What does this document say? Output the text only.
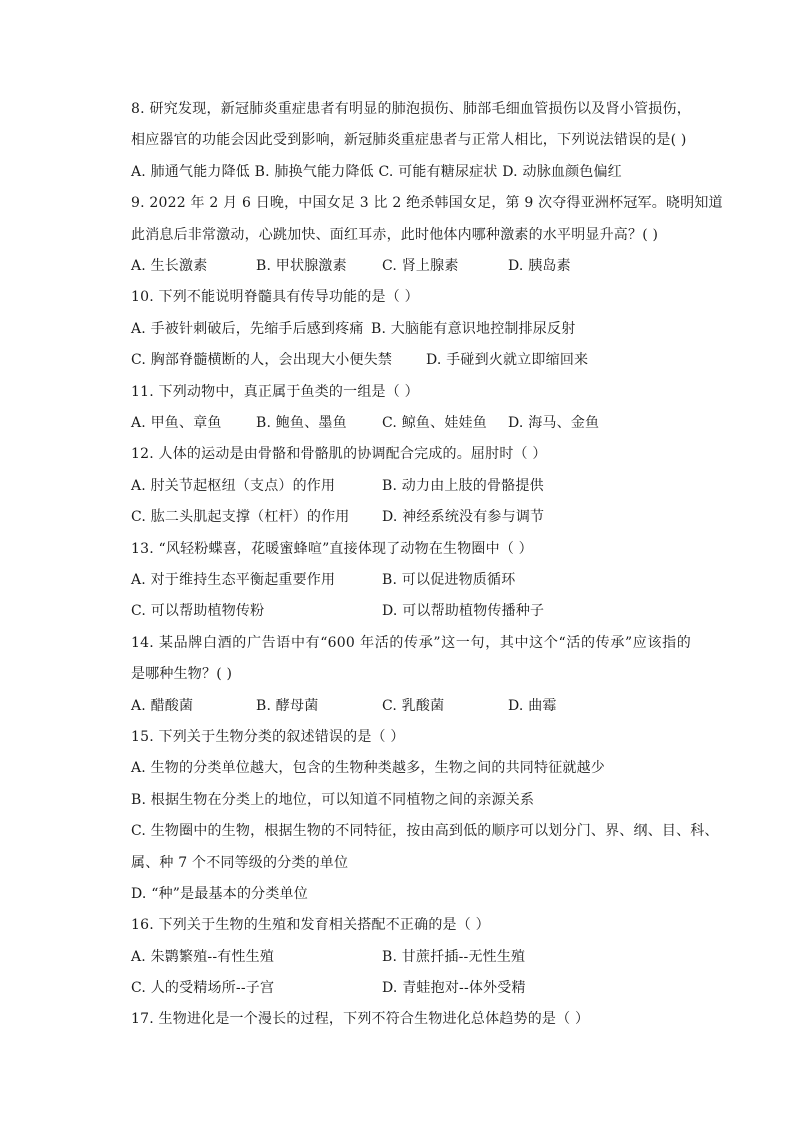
8. 研究发现，新冠肺炎重症患者有明显的肺泡损伤、肺部毛细血管损伤以及肾小管损伤，
相应器官的功能会因此受到影响，新冠肺炎重症患者与正常人相比，下列说法错误的是( )
A. 肺通气能力降低 B. 肺换气能力降低 C. 可能有糖尿症状 D. 动脉血颜色偏红
9. 2022 年 2 月 6 日晚，中国女足 3 比 2 绝杀韩国女足，第 9 次夺得亚洲杯冠军。晓明知道
此消息后非常激动，心跳加快、面红耳赤，此时他体内哪种激素的水平明显升高？( )
A. 生长激素	B. 甲状腺激素	C. 肾上腺素	D. 胰岛素
10. 下列不能说明脊髓具有传导功能的是（ ）
A. 手被针刺破后，先缩手后感到疼痛 B. 大脑能有意识地控制排尿反射
C. 胸部脊髓横断的人，会出现大小便失禁 D. 手碰到火就立即缩回来
11. 下列动物中，真正属于鱼类的一组是（ ）
A. 甲鱼、章鱼 B. 鲍鱼、墨鱼	C. 鲸鱼、娃娃鱼 D. 海马、金鱼
12. 人体的运动是由骨骼和骨骼肌的协调配合完成的。屈肘时（ ）
A. 肘关节起枢纽（支点）的作用	B. 动力由上肢的骨骼提供
C. 肱二头肌起支撑（杠杆）的作用 D. 神经系统没有参与调节
13. “风轻粉蝶喜，花暖蜜蜂喧”直接体现了动物在生物圈中（ ）
A. 对于维持生态平衡起重要作用	B. 可以促进物质循环
C. 可以帮助植物传粉	D. 可以帮助植物传播种子
14. 某品牌白酒的广告语中有“600 年活的传承”这一句，其中这个“活的传承”应该指的
是哪种生物？( )
A. 醋酸菌	B. 酵母菌	C. 乳酸菌	D. 曲霉
15. 下列关于生物分类的叙述错误的是（ ）
A. 生物的分类单位越大，包含的生物种类越多，生物之间的共同特征就越少
B. 根据生物在分类上的地位，可以知道不同植物之间的亲源关系
C. 生物圈中的生物，根据生物的不同特征，按由高到低的顺序可以划分门、界、纲、目、科、
属、种 7 个不同等级的分类的单位
D. “种”是最基本的分类单位
16. 下列关于生物的生殖和发育相关搭配不正确的是（ ）
A. 朱鹮繁殖--有性生殖	B. 甘蔗扦插--无性生殖
C. 人的受精场所--子宫	D. 青蛙抱对--体外受精
17. 生物进化是一个漫长的过程，下列不符合生物进化总体趋势的是（ ）
